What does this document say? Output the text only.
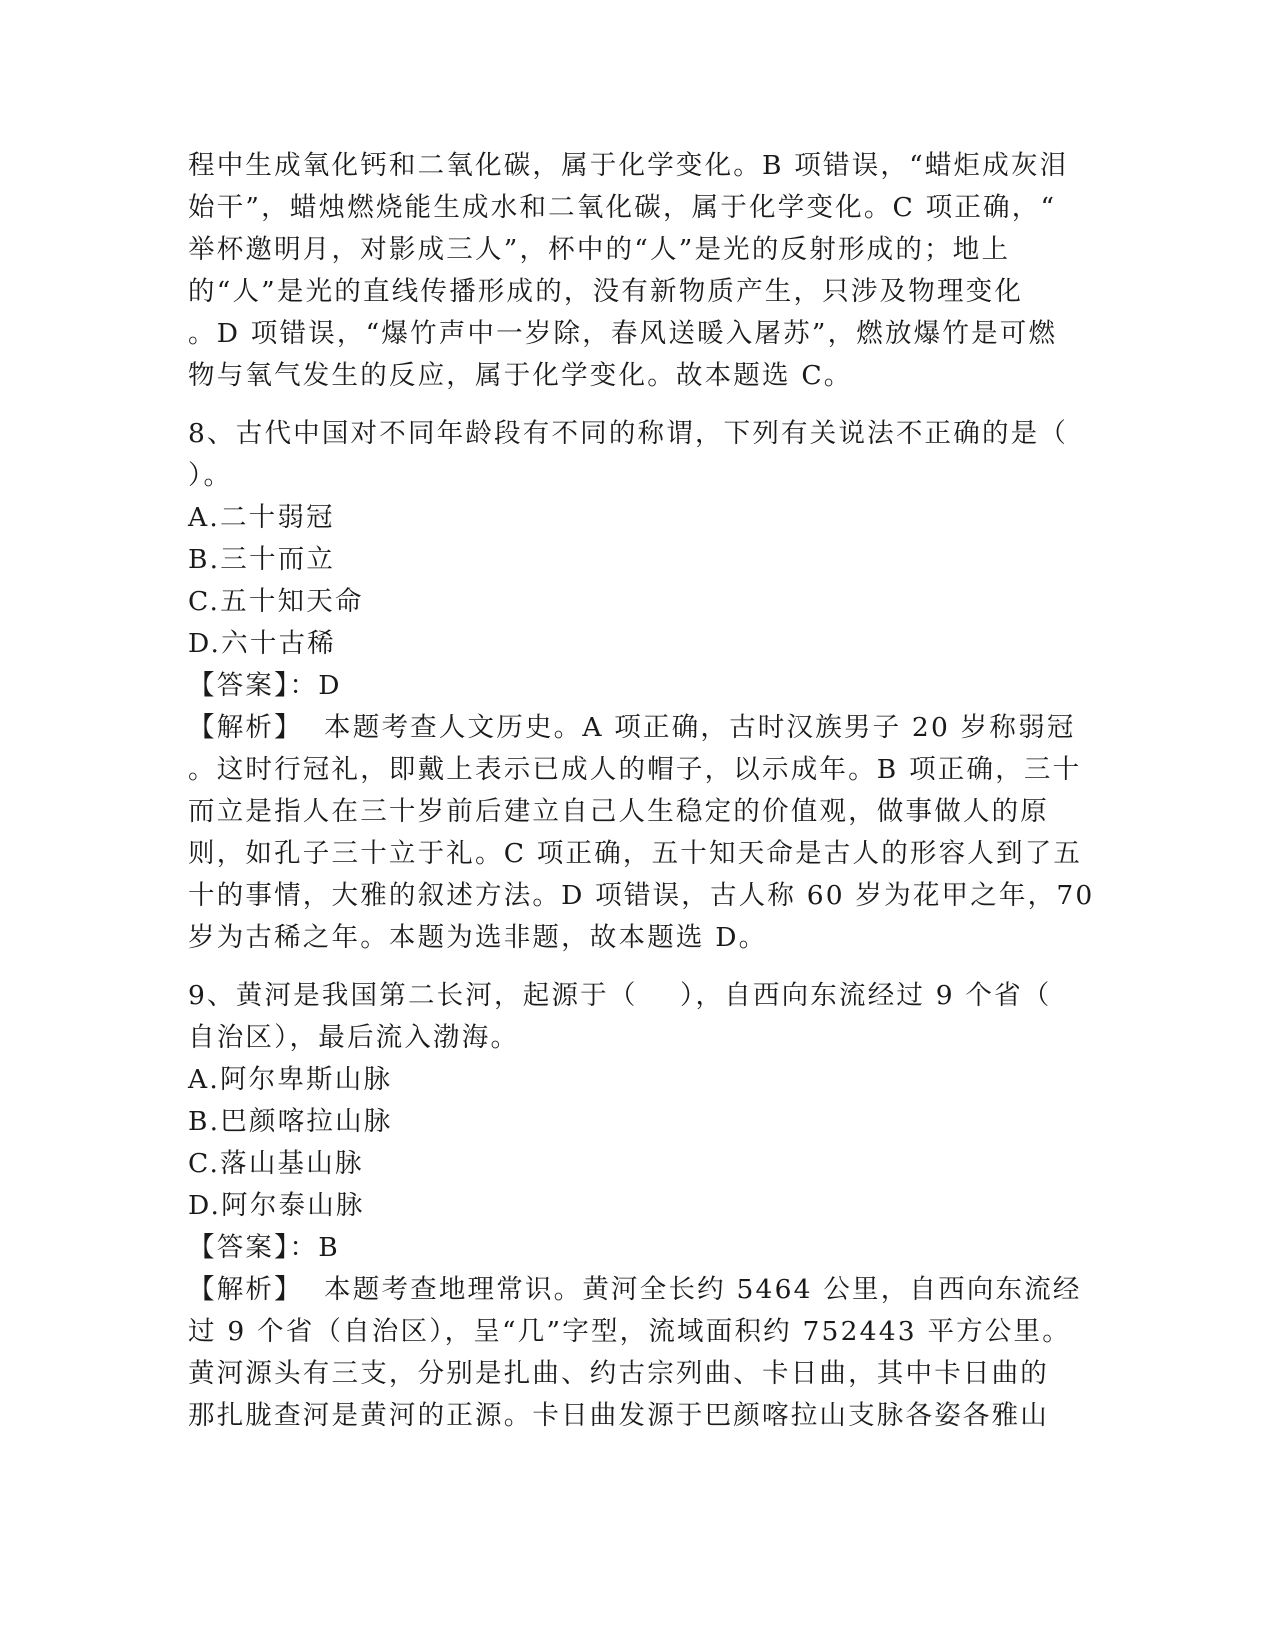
程中生成氧化钙和二氧化碳，属于化学变化。B 项错误，“蜡炬成灰泪
始干”，蜡烛燃烧能生成水和二氧化碳，属于化学变化。C 项正确，“
举杯邀明月，对影成三人”，杯中的“人”是光的反射形成的；地上
的“人”是光的直线传播形成的，没有新物质产生，只涉及物理变化
。D 项错误，“爆竹声中一岁除，春风送暖入屠苏”，燃放爆竹是可燃
物与氧气发生的反应，属于化学变化。故本题选 C。
8、古代中国对不同年龄段有不同的称谓，下列有关说法不正确的是（
）。
A.二十弱冠
B.三十而立
C.五十知天命
D.六十古稀
【答案】：D
【解析】  本题考查人文历史。A 项正确，古时汉族男子 20 岁称弱冠
。这时行冠礼，即戴上表示已成人的帽子，以示成年。B 项正确，三十
而立是指人在三十岁前后建立自己人生稳定的价值观，做事做人的原
则，如孔子三十立于礼。C 项正确，五十知天命是古人的形容人到了五
十的事情，大雅的叙述方法。D 项错误，古人称 60 岁为花甲之年，70
岁为古稀之年。本题为选非题，故本题选 D。
9、黄河是我国第二长河，起源于（    ），自西向东流经过 9 个省（
自治区），最后流入渤海。
A.阿尔卑斯山脉
B.巴颜喀拉山脉
C.落山基山脉
D.阿尔泰山脉
【答案】：B
【解析】  本题考查地理常识。黄河全长约 5464 公里，自西向东流经
过 9 个省（自治区），呈“几”字型，流域面积约 752443 平方公里。
黄河源头有三支，分别是扎曲、约古宗列曲、卡日曲，其中卡日曲的
那扎胧查河是黄河的正源。卡日曲发源于巴颜喀拉山支脉各姿各雅山
